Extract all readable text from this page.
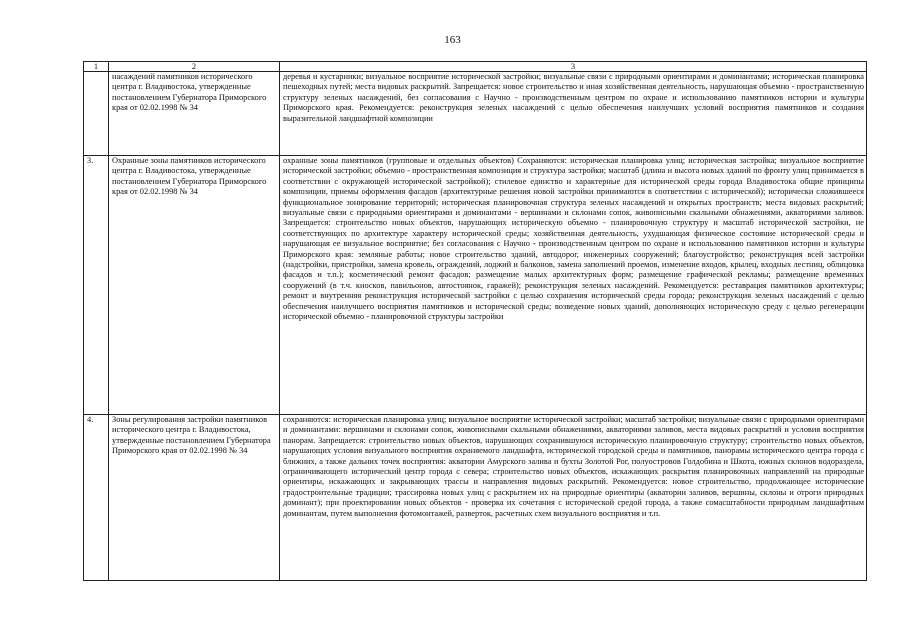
163
1	2	3
	насаждений памятников исторического центра г. Владивостока, утвержденные постановлением Губернатора Приморского края от 02.02.1998 № 34	деревья и кустарники; визуальное восприятие исторической застройки; визуальные связи с природными ориентирами и доминантами; историческая планировка пешеходных путей; места видовых раскрытий. Запрещается: новое строительство и иная хозяйственная деятельность, нарушающая объемно - пространственную структуру зеленых насаждений, без согласования с Научно - производственным центром по охране и использованию памятников истории и культуры Приморского края. Рекомендуется: реконструкция зеленых насаждений с целью обеспечения наилучших условий восприятия памятников и создания выразительной ландшафтной композиции
3.	Охранные зоны памятников исторического центра г. Владивостока, утвержденные постановлением Губернатора Приморского края от 02.02.1998 № 34	охранные зоны памятников (групповые и отдельных объектов) Сохраняются: историческая планировка улиц; историческая застройка; визуальное восприятие исторической застройки; объемно - пространственная композиция и структура застройки; масштаб (длина и высота новых зданий по фронту улиц принимается в соответствии с окружающей исторической застройкой); стилевое единство и характерные для исторической среды города Владивостока общие принципы композиции, приемы оформления фасадов (архитектурные решения новой застройки принимаются в соответствии с исторической); исторически сложившееся функциональное зонирование территорий; историческая планировочная структура зеленых насаждений и открытых пространств; места видовых раскрытий; визуальные связи с природными ориентирами и доминантами - вершинами и склонами сопок, живописными скальными обнажениями, акваториями заливов. Запрещается: строительство новых объектов, нарушающих историческую объемно - планировочную структуру и масштаб исторической застройки, не соответствующих по архитектуре характеру исторической среды; хозяйственная деятельность, ухудшающая физическое состояние исторической среды и нарушающая ее визуальное восприятие; без согласования с Научно - производственным центром по охране и использованию памятников истории и культуры Приморского края: земляные работы; новое строительство зданий, автодорог, инженерных сооружений; благоустройство; реконструкция всей застройки (надстройки, пристройки, замена кровель, ограждений, лоджий и балконов, замена заполнений проемов, изменение входов, крылец, входных лестниц, облицовка фасадов и т.п.); косметический ремонт фасадов; размещение малых архитектурных форм; размещение графической рекламы; размещение временных сооружений (в т.ч. киосков, павильонов, автостоянок, гаражей); реконструкция зеленых насаждений. Рекомендуется: реставрация памятников архитектуры; ремонт и внутренняя реконструкция исторической застройки с целью сохранения исторической среды города; реконструкция зеленых насаждений с целью обеспечения наилучшего восприятия памятников и исторической среды; возведение новых зданий, дополняющих историческую среду с целью регенерации исторической объемно - планировочной структуры застройки
4.	Зоны регулирования застройки памятников исторического центра г. Владивостока, утвержденные постановлением Губернатора Приморского края от 02.02.1998 № 34	сохраняются: историческая планировка улиц; визуальное восприятие исторической застройки; масштаб застройки; визуальные связи с природными ориентирами и доминантами: вершинами и склонами сопок, живописными скальными обнажениями, акваториями заливов, места видовых раскрытий и условия восприятия панорам. Запрещается: строительство новых объектов, нарушающих сохранившуюся историческую планировочную структуру; строительство новых объектов, нарушающих условия визуального восприятия охраняемого ландшафта, исторической городской среды и памятников, панорамы исторического центра города с ближних, а также дальних точек восприятия: акватории Амурского залива и бухты Золотой Рог, полуостровов Голдобина и Шкота, южных склонов водораздела, ограничивающего исторический центр города с севера; строительство новых объектов, искажающих раскрытия планировочных направлений на природные ориентиры, искажающих и закрывающих трассы и направления видовых раскрытий. Рекомендуется: новое строительство, продолжающее исторические градостроительные традиции; трассировка новых улиц с раскрытием их на природные ориентиры (акватории заливов, вершины, склоны и отроги природных доминант); при проектировании новых объектов - проверка их сочетания с исторической средой города, а также сомасштабности природным ландшафтным доминантам, путем выполнения фотомонтажей, разверток, расчетных схем визуального восприятия и т.п.
